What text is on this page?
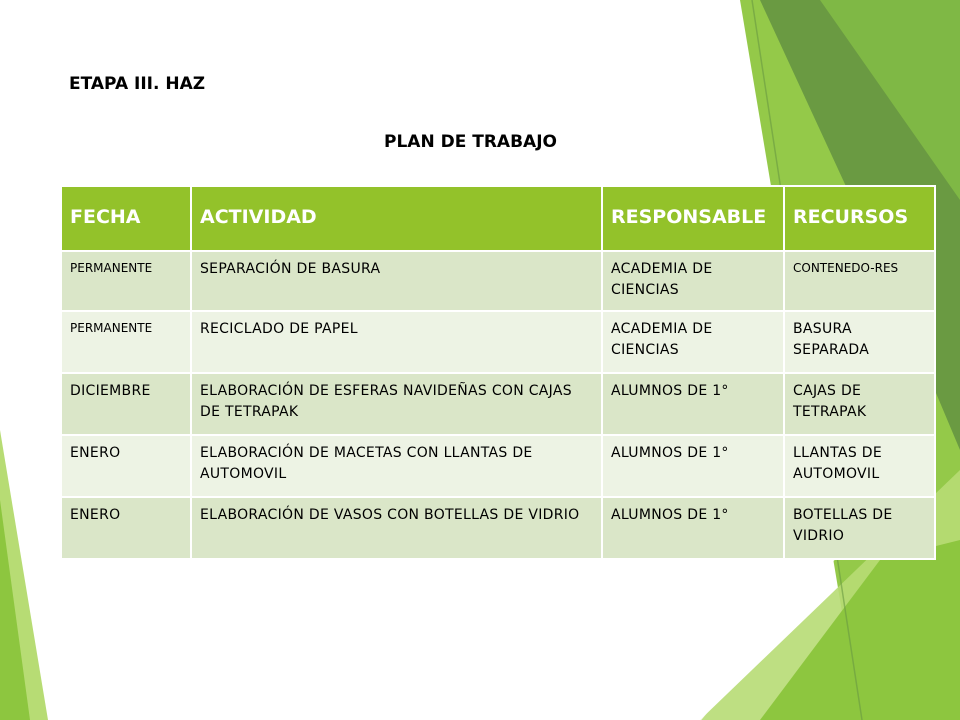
ETAPA III. HAZ
PLAN DE TRABAJO
FECHA	ACTIVIDAD	RESPONSABLE	RECURSOS
PERMANENTE	SEPARACIÓN DE BASURA	ACADEMIA DE CIENCIAS	CONTENEDO-RES
PERMANENTE	RECICLADO DE PAPEL	ACADEMIA DE CIENCIAS	BASURA SEPARADA
DICIEMBRE	ELABORACIÓN DE ESFERAS NAVIDEÑAS CON CAJAS DE TETRAPAK	ALUMNOS DE 1°	CAJAS DE TETRAPAK
ENERO	ELABORACIÓN DE MACETAS CON LLANTAS DE AUTOMOVIL	ALUMNOS DE 1°	LLANTAS DE AUTOMOVIL
ENERO	ELABORACIÓN DE VASOS CON BOTELLAS DE VIDRIO	ALUMNOS DE 1°	BOTELLAS DE VIDRIO
